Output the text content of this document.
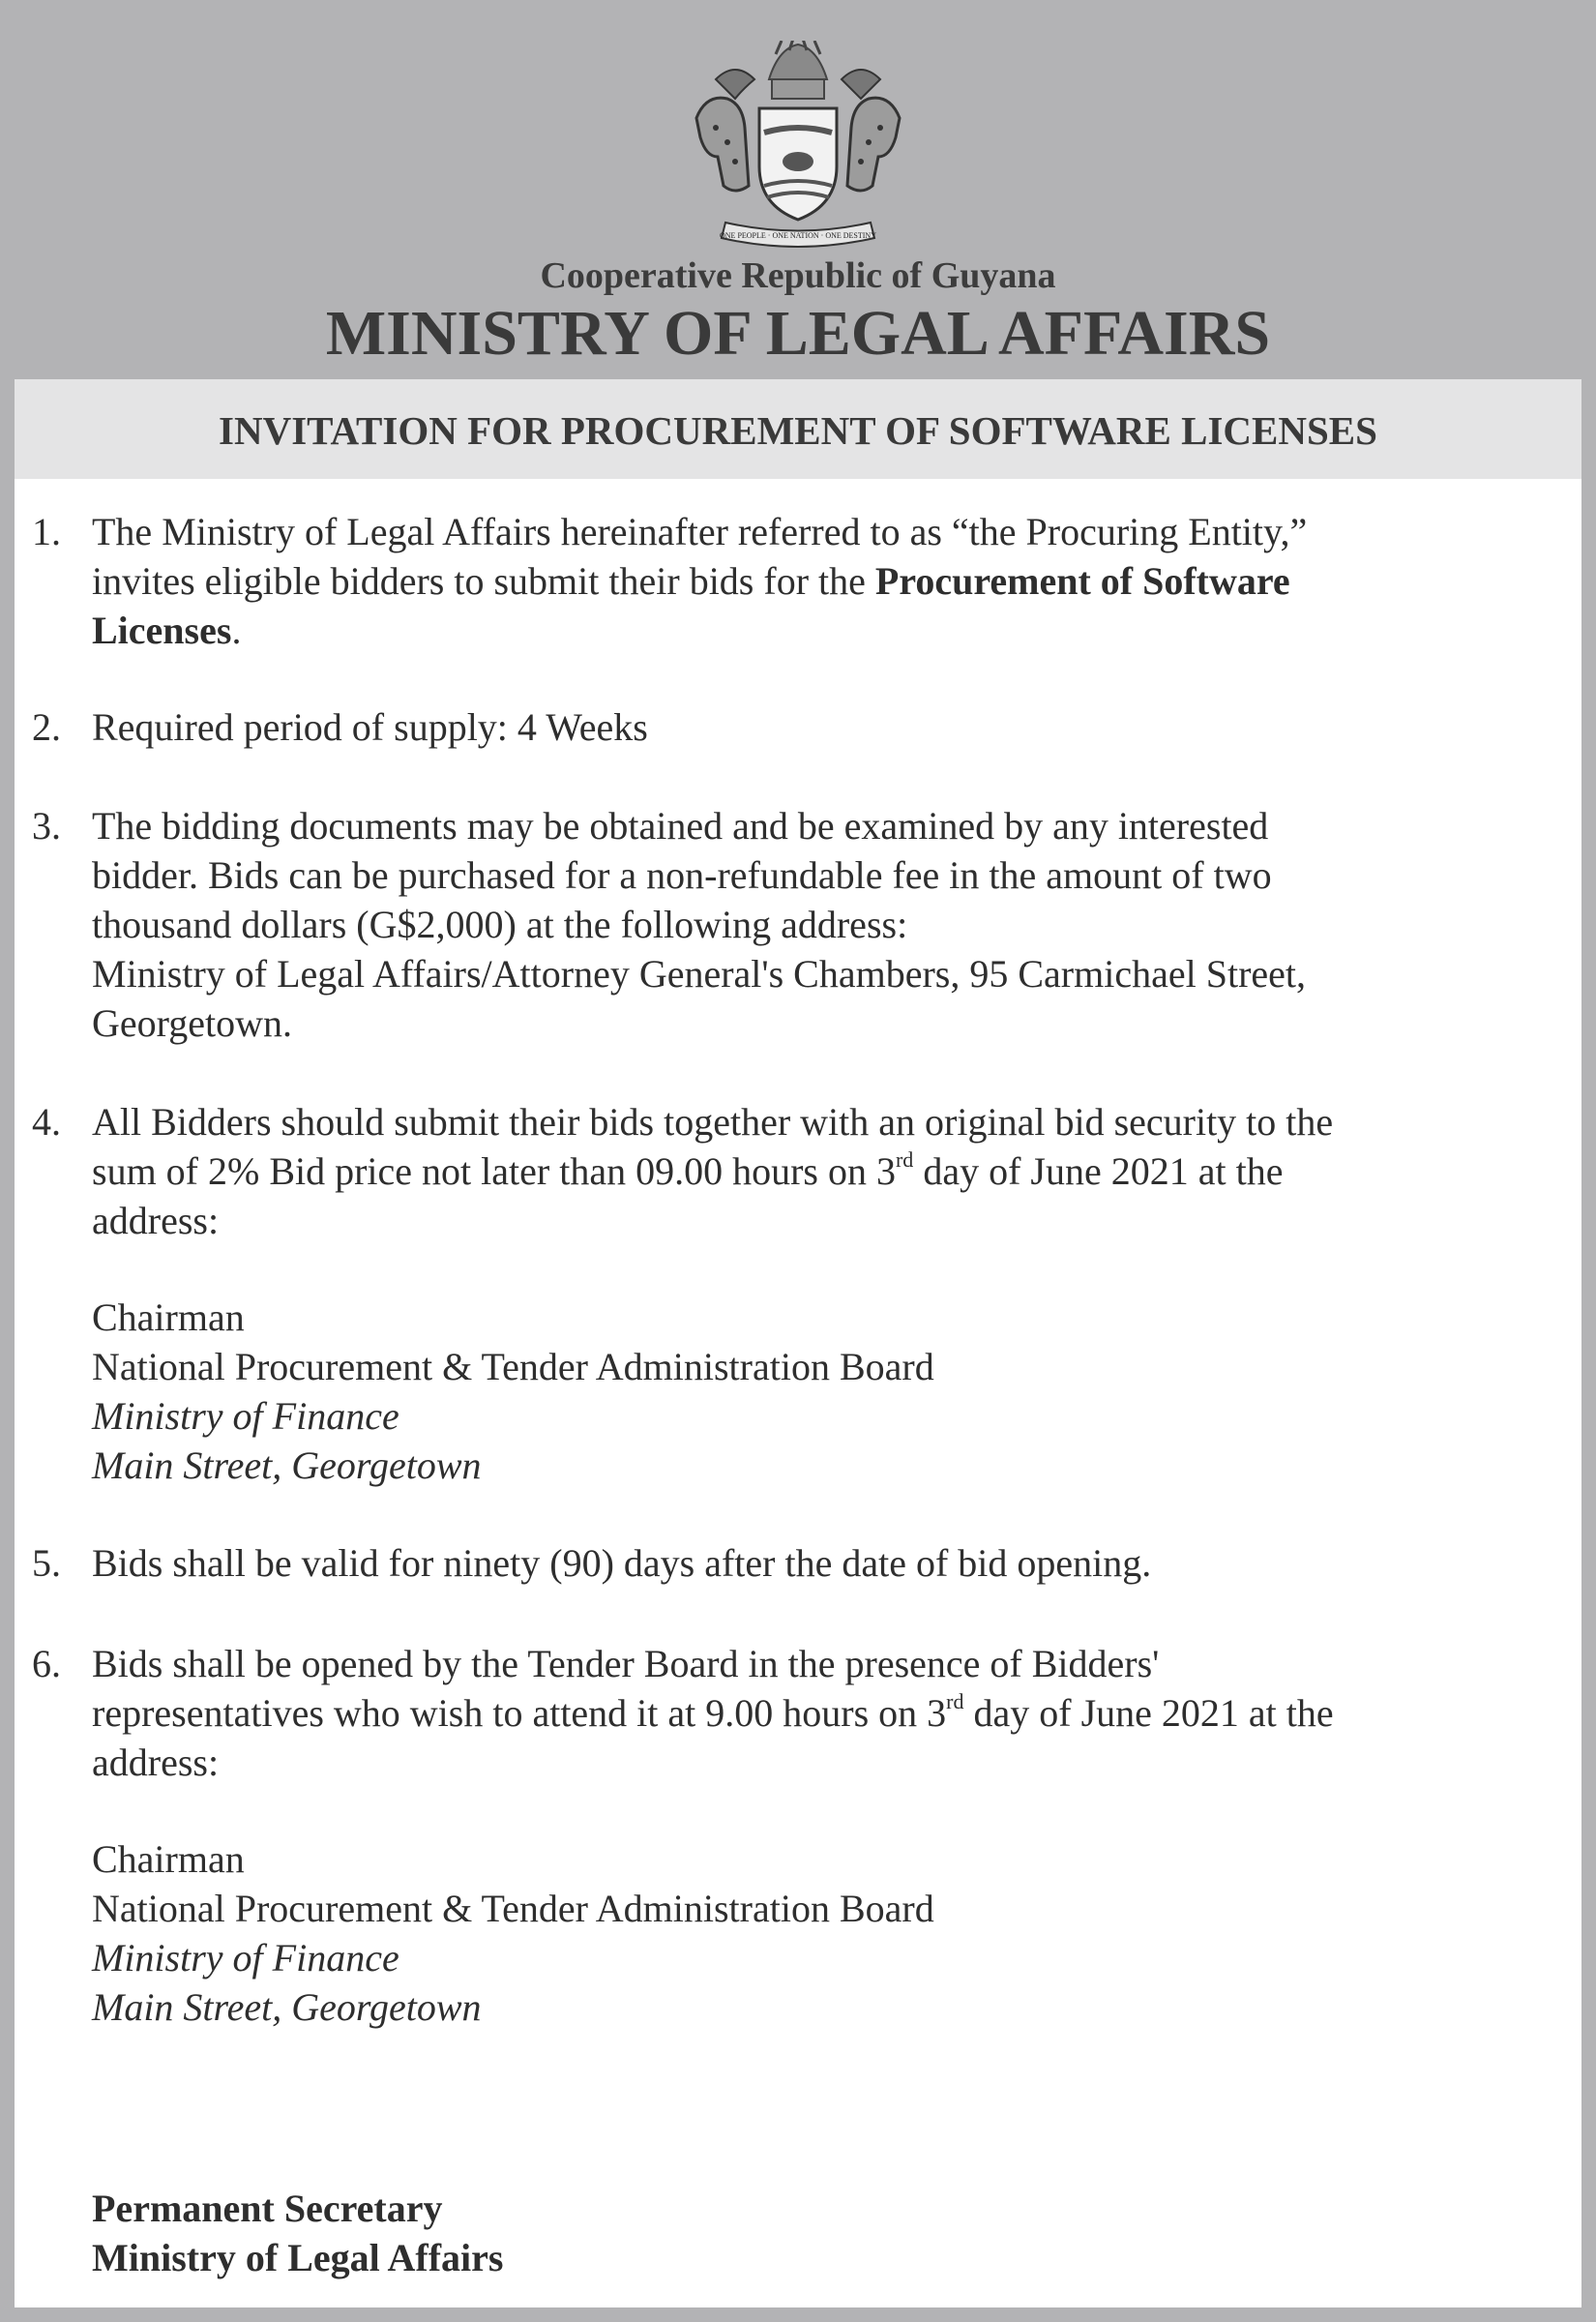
ONE PEOPLE · ONE NATION · ONE DESTINY
Cooperative Republic of Guyana
MINISTRY OF LEGAL AFFAIRS
INVITATION FOR PROCUREMENT OF SOFTWARE LICENSES
1. The Ministry of Legal Affairs hereinafter referred to as “the Procuring Entity,”
invites eligible bidders to submit their bids for the Procurement of Software
Licenses.
2. Required period of supply: 4 Weeks
3. The bidding documents may be obtained and be examined by any interested
bidder. Bids can be purchased for a non-refundable fee in the amount of two
thousand dollars (G$2,000) at the following address:
Ministry of Legal Affairs/Attorney General's Chambers, 95 Carmichael Street,
Georgetown.
4. All Bidders should submit their bids together with an original bid security to the
sum of 2% Bid price not later than 09.00 hours on 3rd day of June 2021 at the
address:
Chairman
National Procurement & Tender Administration Board
Ministry of Finance
Main Street, Georgetown
5. Bids shall be valid for ninety (90) days after the date of bid opening.
6. Bids shall be opened by the Tender Board in the presence of Bidders'
representatives who wish to attend it at 9.00 hours on 3rd day of June 2021 at the
address:
Chairman
National Procurement & Tender Administration Board
Ministry of Finance
Main Street, Georgetown
Permanent Secretary
Ministry of Legal Affairs
